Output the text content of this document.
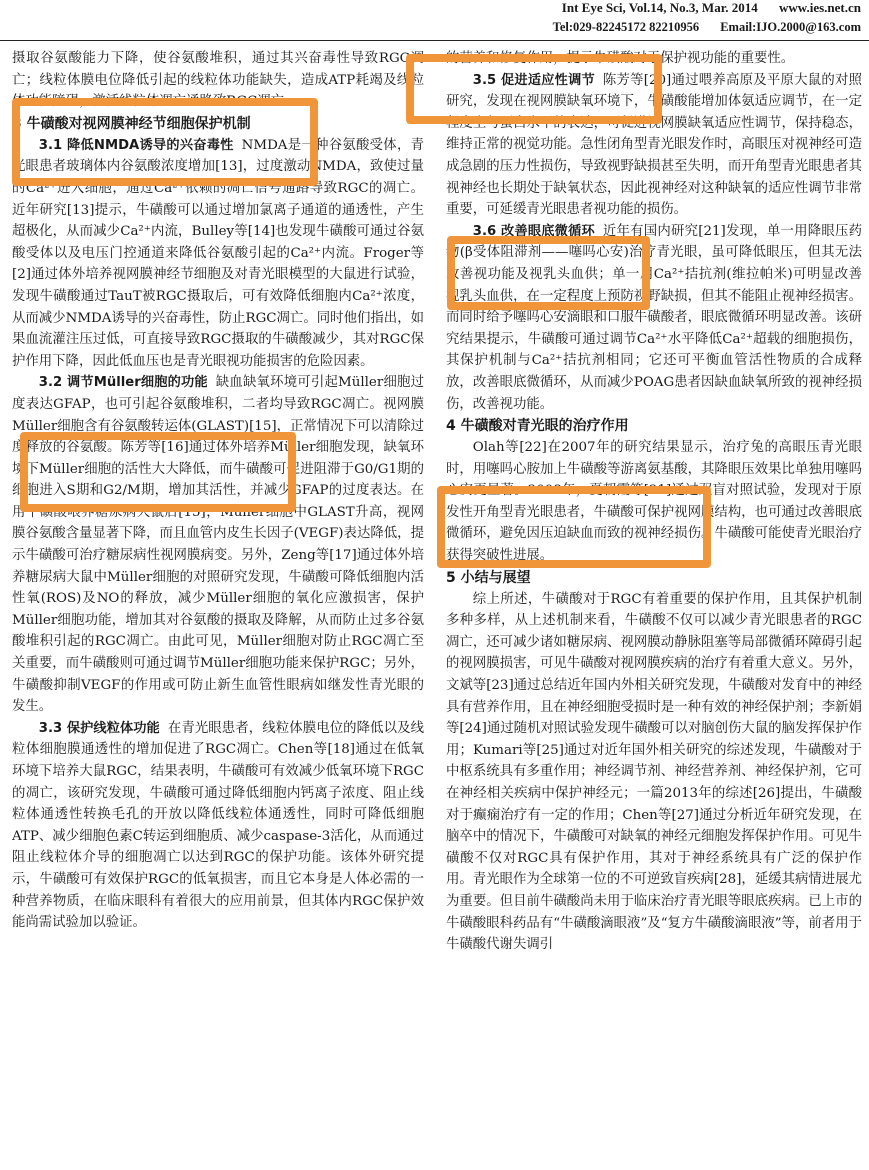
Int Eye Sci, Vol.14, No.3, Mar. 2014 www.ies.net.cn
Tel:029-82245172 82210956 Email:IJO.2000@163.com

摄取谷氨酸能力下降，使谷氨酸堆积，通过其兴奋毒性导致RGC凋亡；线粒体膜电位降低引起的线粒体功能缺失，造成ATP耗竭及线粒体功能障碍，激活线粒体凋亡通路致RGC凋亡。

3 牛磺酸对视网膜神经节细胞保护机制

3.1 降低NMDA诱导的兴奋毒性 NMDA是一种谷氨酸受体，青光眼患者玻璃体内谷氨酸浓度增加[13]，过度激动NMDA，致使过量的Ca²⁺进入细胞，通过Ca²⁺依赖的凋亡信号通路导致RGC的凋亡。近年研究[13]提示，牛磺酸可以通过增加氯离子通道的通透性，产生超极化，从而减少Ca²⁺内流，Bulley等[14]也发现牛磺酸可通过谷氨酸受体以及电压门控通道来降低谷氨酸引起的Ca²⁺内流。Froger等[2]通过体外培养视网膜神经节细胞及对青光眼模型的大鼠进行试验，发现牛磺酸通过TauT被RGC摄取后，可有效降低细胞内Ca²⁺浓度，从而减少NMDA诱导的兴奋毒性，防止RGC凋亡。同时他们指出，如果血流灌注压过低，可直接导致RGC摄取的牛磺酸减少，其对RGC保护作用下降，因此低血压也是青光眼视功能损害的危险因素。

3.2 调节Müller细胞的功能 缺血缺氧环境可引起Müller细胞过度表达GFAP，也可引起谷氨酸堆积，二者均导致RGC凋亡。视网膜Müller细胞含有谷氨酸转运体(GLAST)[15]，正常情况下可以清除过度释放的谷氨酸。陈芳等[16]通过体外培养Müller细胞发现，缺氧环境下Müller细胞的活性大大降低，而牛磺酸可促进阻滞于G0/G1期的细胞进入S期和G2/M期，增加其活性，并减少GFAP的过度表达。在用牛磺酸喂养糖尿病大鼠后[15]，Müller细胞中GLAST升高，视网膜谷氨酸含量显著下降，而且血管内皮生长因子(VEGF)表达降低，提示牛磺酸可治疗糖尿病性视网膜病变。另外，Zeng等[17]通过体外培养糖尿病大鼠中Müller细胞的对照研究发现，牛磺酸可降低细胞内活性氧(ROS)及NO的释放，减少Müller细胞的氧化应激损害，保护Müller细胞功能，增加其对谷氨酸的摄取及降解，从而防止过多谷氨酸堆积引起的RGC凋亡。由此可见，Müller细胞对防止RGC凋亡至关重要，而牛磺酸则可通过调节Müller细胞功能来保护RGC；另外，牛磺酸抑制VEGF的作用或可防止新生血管性眼病如继发性青光眼的发生。

3.3 保护线粒体功能 在青光眼患者，线粒体膜电位的降低以及线粒体细胞膜通透性的增加促进了RGC凋亡。Chen等[18]通过在低氧环境下培养大鼠RGC，结果表明，牛磺酸可有效减少低氧环境下RGC的凋亡，该研究发现，牛磺酸可通过降低细胞内钙离子浓度、阻止线粒体通透性转换毛孔的开放以降低线粒体通透性，同时可降低细胞ATP、减少细胞色素C转运到细胞质、减少caspase-3活化，从而通过阻止线粒体介导的细胞凋亡以达到RGC的保护功能。该体外研究提示，牛磺酸可有效保护RGC的低氧损害，而且它本身是人体必需的一种营养物质，在临床眼科有着很大的应用前景，但其体内RGC保护效能尚需试验加以验证。

的营养和修复作用，提示牛磺酸对于保护视功能的重要性。

3.5 促进适应性调节 陈芳等[20]通过喂养高原及平原大鼠的对照研究，发现在视网膜缺氧环境下，牛磺酸能增加体氨适应调节，在一定程度上与蛋白水平的表达，可促进视网膜缺氧适应性调节，保持稳态，维持正常的视觉功能。急性闭角型青光眼发作时，高眼压对视神经可造成急剧的压力性损伤，导致视野缺损甚至失明，而开角型青光眼患者其视神经也长期处于缺氧状态，因此视神经对这种缺氧的适应性调节非常重要，可延缓青光眼患者视功能的损伤。

3.6 改善眼底微循环 近年有国内研究[21]发现，单一用降眼压药物(β受体阻滞剂——噻吗心安)治疗青光眼，虽可降低眼压，但其无法改善视功能及视乳头血供；单一用Ca²⁺拮抗剂(维拉帕米)可明显改善视乳头血供，在一定程度上预防视野缺损，但其不能阻止视神经损害。而同时给予噻吗心安滴眼和口服牛磺酸者，眼底微循环明显改善。该研究结果提示，牛磺酸可通过调节Ca²⁺水平降低Ca²⁺超载的细胞损伤，其保护机制与Ca²⁺拮抗剂相同；它还可平衡血管活性物质的合成释放，改善眼底微循环，从而减少POAG患者因缺血缺氧所致的视神经损伤，改善视功能。

4 牛磺酸对青光眼的治疗作用

Olah等[22]在2007年的研究结果显示，治疗兔的高眼压青光眼时，用噻吗心胺加上牛磺酸等游离氨基酸，其降眼压效果比单独用噻吗心安更显著。2008年，夏朝霞等[21]通过双盲对照试验，发现对于原发性开角型青光眼患者，牛磺酸可保护视网膜结构，也可通过改善眼底微循环，避免因压迫缺血而致的视神经损伤。牛磺酸可能使青光眼治疗获得突破性进展。

5 小结与展望

综上所述，牛磺酸对于RGC有着重要的保护作用，且其保护机制多种多样，从上述机制来看，牛磺酸不仅可以减少青光眼患者的RGC凋亡，还可减少诸如糖尿病、视网膜动静脉阻塞等局部微循环障碍引起的视网膜损害，可见牛磺酸对视网膜疾病的治疗有着重大意义。另外，文斌等[23]通过总结近年国内外相关研究发现，牛磺酸对发育中的神经具有营养作用，且在神经细胞受损时是一种有效的神经保护剂；李新娟等[24]通过随机对照试验发现牛磺酸可以对脑创伤大鼠的脑发挥保护作用；Kumari等[25]通过对近年国外相关研究的综述发现，牛磺酸对于中枢系统具有多重作用；神经调节剂、神经营养剂、神经保护剂，它可在神经相关疾病中保护神经元；一篇2013年的综述[26]提出，牛磺酸对于癫痫治疗有一定的作用；Chen等[27]通过分析近年研究发现，在脑卒中的情况下，牛磺酸可对缺氧的神经元细胞发挥保护作用。可见牛磺酸不仅对RGC具有保护作用，其对于神经系统具有广泛的保护作用。青光眼作为全球第一位的不可逆致盲疾病[28]，延缓其病情进展尤为重要。但目前牛磺酸尚未用于临床治疗青光眼等眼底疾病。已上市的牛磺酸眼科药品有“牛磺酸滴眼液”及“复方牛磺酸滴眼液”等，前者用于牛磺酸代谢失调引
